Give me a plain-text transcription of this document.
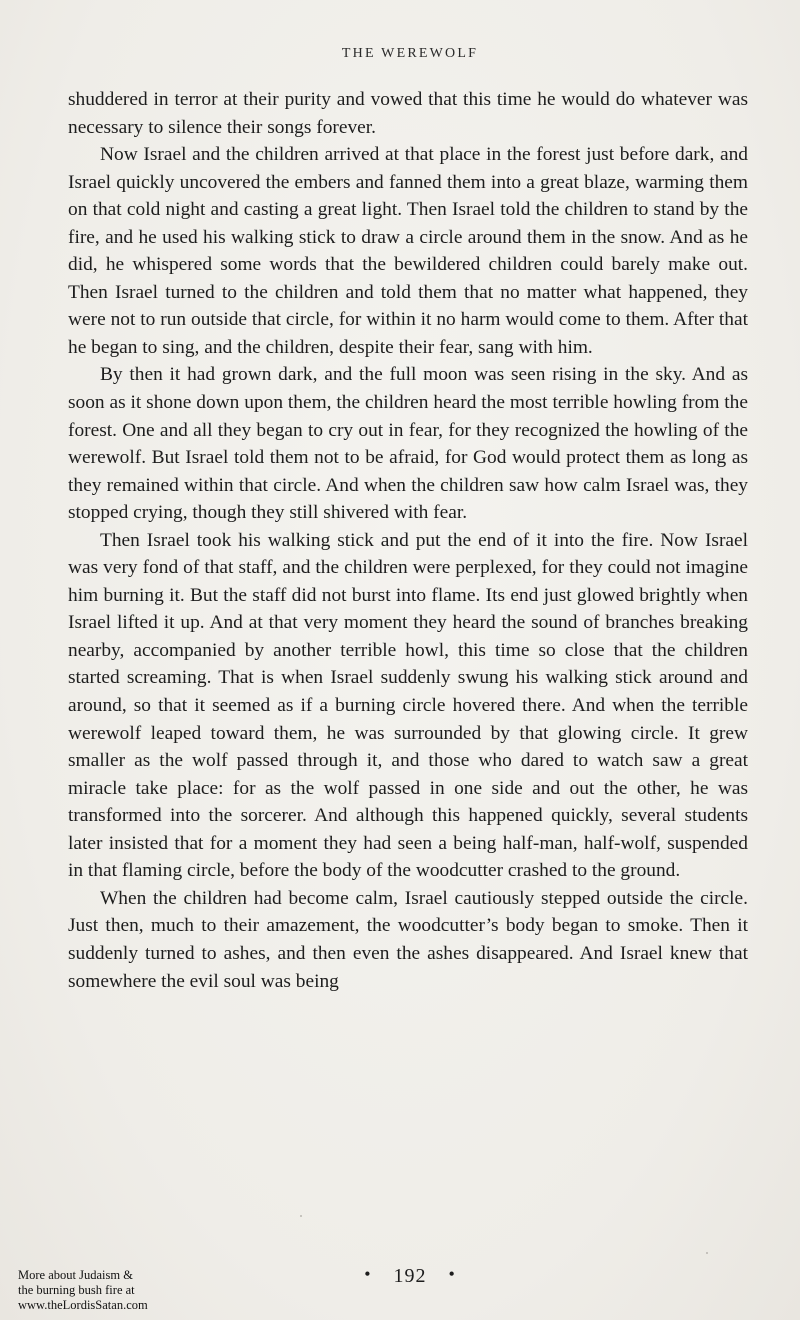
THE WEREWOLF

shuddered in terror at their purity and vowed that this time he would do whatever was necessary to silence their songs forever.

Now Israel and the children arrived at that place in the forest just before dark, and Israel quickly uncovered the embers and fanned them into a great blaze, warming them on that cold night and casting a great light. Then Israel told the children to stand by the fire, and he used his walking stick to draw a circle around them in the snow. And as he did, he whispered some words that the bewildered children could barely make out. Then Israel turned to the children and told them that no matter what happened, they were not to run outside that circle, for within it no harm would come to them. After that he began to sing, and the children, despite their fear, sang with him.

By then it had grown dark, and the full moon was seen rising in the sky. And as soon as it shone down upon them, the children heard the most terrible howling from the forest. One and all they began to cry out in fear, for they recognized the howling of the werewolf. But Israel told them not to be afraid, for God would protect them as long as they remained within that circle. And when the children saw how calm Israel was, they stopped crying, though they still shivered with fear.

Then Israel took his walking stick and put the end of it into the fire. Now Israel was very fond of that staff, and the children were perplexed, for they could not imagine him burning it. But the staff did not burst into flame. Its end just glowed brightly when Israel lifted it up. And at that very moment they heard the sound of branches breaking nearby, accompanied by another terrible howl, this time so close that the children started screaming. That is when Israel suddenly swung his walking stick around and around, so that it seemed as if a burning circle hovered there. And when the terrible werewolf leaped toward them, he was surrounded by that glowing circle. It grew smaller as the wolf passed through it, and those who dared to watch saw a great miracle take place: for as the wolf passed in one side and out the other, he was transformed into the sorcerer. And although this happened quickly, several students later insisted that for a moment they had seen a being half-man, half-wolf, suspended in that flaming circle, before the body of the woodcutter crashed to the ground.

When the children had become calm, Israel cautiously stepped outside the circle. Just then, much to their amazement, the woodcutter’s body began to smoke. Then it suddenly turned to ashes, and then even the ashes disappeared. And Israel knew that somewhere the evil soul was being

• 192 •
More about Judaism &
the burning bush fire at
www.theLordisSatan.com
